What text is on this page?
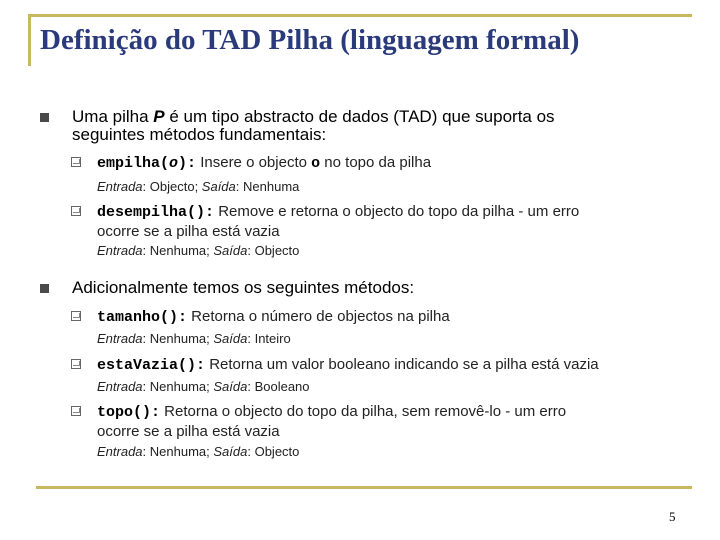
Definição do TAD Pilha (linguagem formal)
Uma pilha P é um tipo abstracto de dados (TAD) que suporta os
seguintes métodos fundamentais:
empilha(o): Insere o objecto o no topo da pilha
Entrada: Objecto; Saída: Nenhuma
desempilha(): Remove e retorna o objecto do topo da pilha - um erro
ocorre se a pilha está vazia
Entrada: Nenhuma; Saída: Objecto
Adicionalmente temos os seguintes métodos:
tamanho(): Retorna o número de objectos na pilha
Entrada: Nenhuma; Saída: Inteiro
estaVazia(): Retorna um valor booleano indicando se a pilha está vazia
Entrada: Nenhuma; Saída: Booleano
topo(): Retorna o objecto do topo da pilha, sem removê-lo - um erro
ocorre se a pilha está vazia
Entrada: Nenhuma; Saída: Objecto
5
